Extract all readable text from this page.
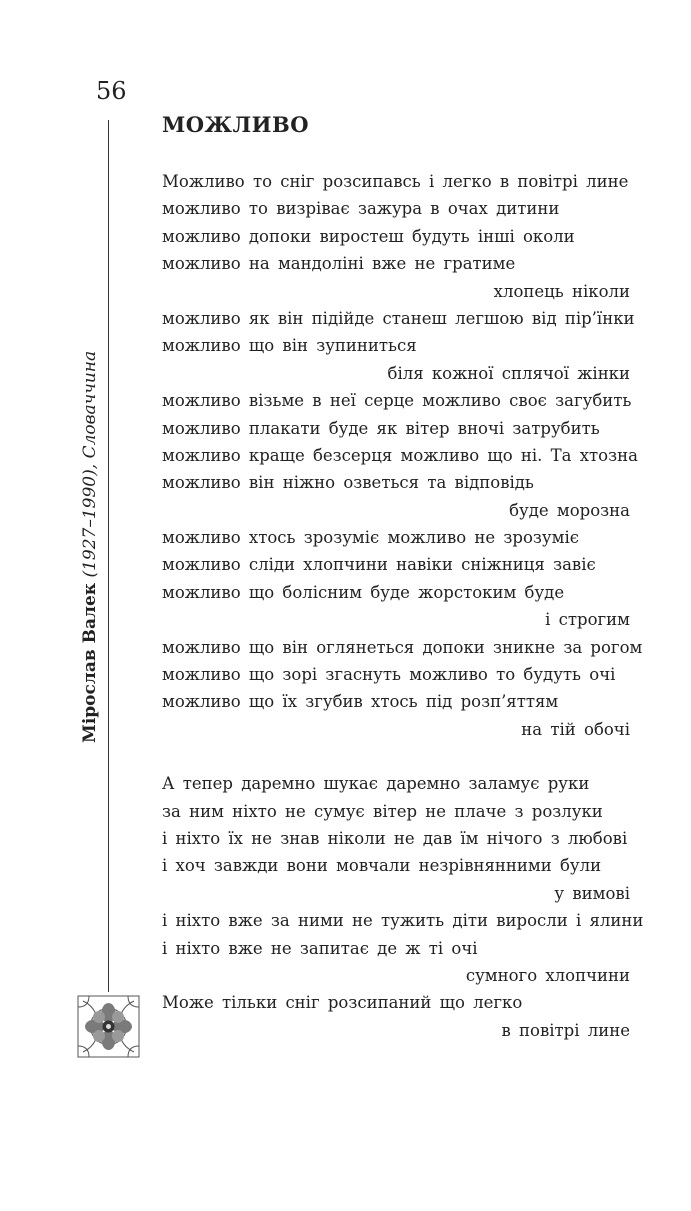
56
Мірослав Валек (1927–1990), Словаччина
МОЖЛИВО
Можливо то сніг розсипавсь і легко в повітрі лине
можливо то визріває зажура в очах дитини
можливо допоки виростеш будуть інші околи
можливо на мандоліні вже не гратиме
хлопець ніколи
можливо як він підійде станеш легшою від пір’їнки
можливо що він зупиниться
біля кожної сплячої жінки
можливо візьме в неї серце можливо своє загубить
можливо плакати буде як вітер вночі затрубить
можливо краще безсерця можливо що ні. Та хтозна
можливо він ніжно озветься та відповідь
буде морозна
можливо хтось зрозуміє можливо не зрозуміє
можливо сліди хлопчини навіки сніжниця завіє
можливо що болісним буде жорстоким буде
і строгим
можливо що він оглянеться допоки зникне за рогом
можливо що зорі згаснуть можливо то будуть очі
можливо що їх згубив хтось під розп’яттям
на тій обочі
А тепер даремно шукає даремно заламує руки
за ним ніхто не сумує вітер не плаче з розлуки
і ніхто їх не знав ніколи не дав їм нічого з любові
і хоч завжди вони мовчали незрівнянними були
у вимові
і ніхто вже за ними не тужить діти виросли і ялини
і ніхто вже не запитає де ж ті очі
сумного хлопчини
Може тільки сніг розсипаний що легко
в повітрі лине
